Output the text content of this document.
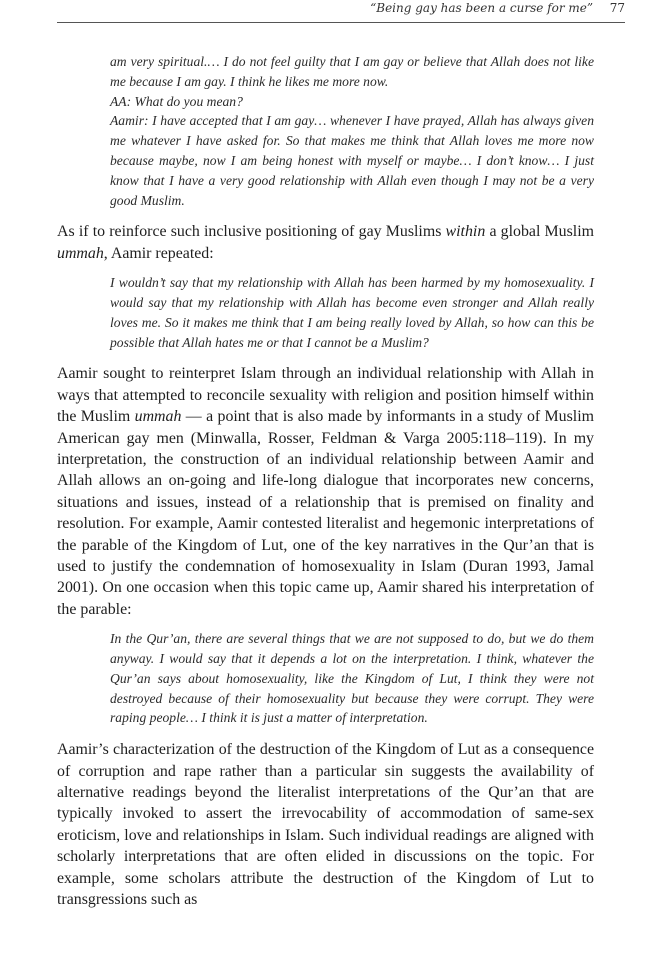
“Being gay has been a curse for me” 77

am very spiritual.… I do not feel guilty that I am gay or believe that Allah does not like me because I am gay. I think he likes me more now.

AA: What do you mean?

Aamir: I have accepted that I am gay… whenever I have prayed, Allah has always given me whatever I have asked for. So that makes me think that Allah loves me more now because maybe, now I am being honest with myself or maybe… I don’t know… I just know that I have a very good relationship with Allah even though I may not be a very good Muslim.

As if to reinforce such inclusive positioning of gay Muslims within a global Muslim ummah, Aamir repeated:

I wouldn’t say that my relationship with Allah has been harmed by my homosexuality. I would say that my relationship with Allah has become even stronger and Allah really loves me. So it makes me think that I am being really loved by Allah, so how can this be possible that Allah hates me or that I cannot be a Muslim?

Aamir sought to reinterpret Islam through an individual relationship with Allah in ways that attempted to reconcile sexuality with religion and position himself within the Muslim ummah — a point that is also made by informants in a study of Muslim American gay men (Minwalla, Rosser, Feldman & Varga 2005:118–119). In my interpretation, the construction of an individual relationship between Aamir and Allah allows an on-going and life-long dialogue that incorporates new concerns, situations and issues, instead of a relationship that is premised on finality and resolution. For example, Aamir contested literalist and hegemonic interpretations of the parable of the Kingdom of Lut, one of the key narratives in the Qur’an that is used to justify the condemnation of homosexuality in Islam (Duran 1993, Jamal 2001). On one occasion when this topic came up, Aamir shared his interpretation of the parable:

In the Qur’an, there are several things that we are not supposed to do, but we do them anyway. I would say that it depends a lot on the interpretation. I think, whatever the Qur’an says about homosexuality, like the Kingdom of Lut, I think they were not destroyed because of their homosexuality but because they were corrupt. They were raping people… I think it is just a matter of interpretation.

Aamir’s characterization of the destruction of the Kingdom of Lut as a consequence of corruption and rape rather than a particular sin suggests the availability of alternative readings beyond the literalist interpretations of the Qur’an that are typically invoked to assert the irrevocability of accommodation of same-sex eroticism, love and relationships in Islam. Such individual readings are aligned with scholarly interpretations that are often elided in discussions on the topic. For example, some scholars attribute the destruction of the Kingdom of Lut to transgressions such as
